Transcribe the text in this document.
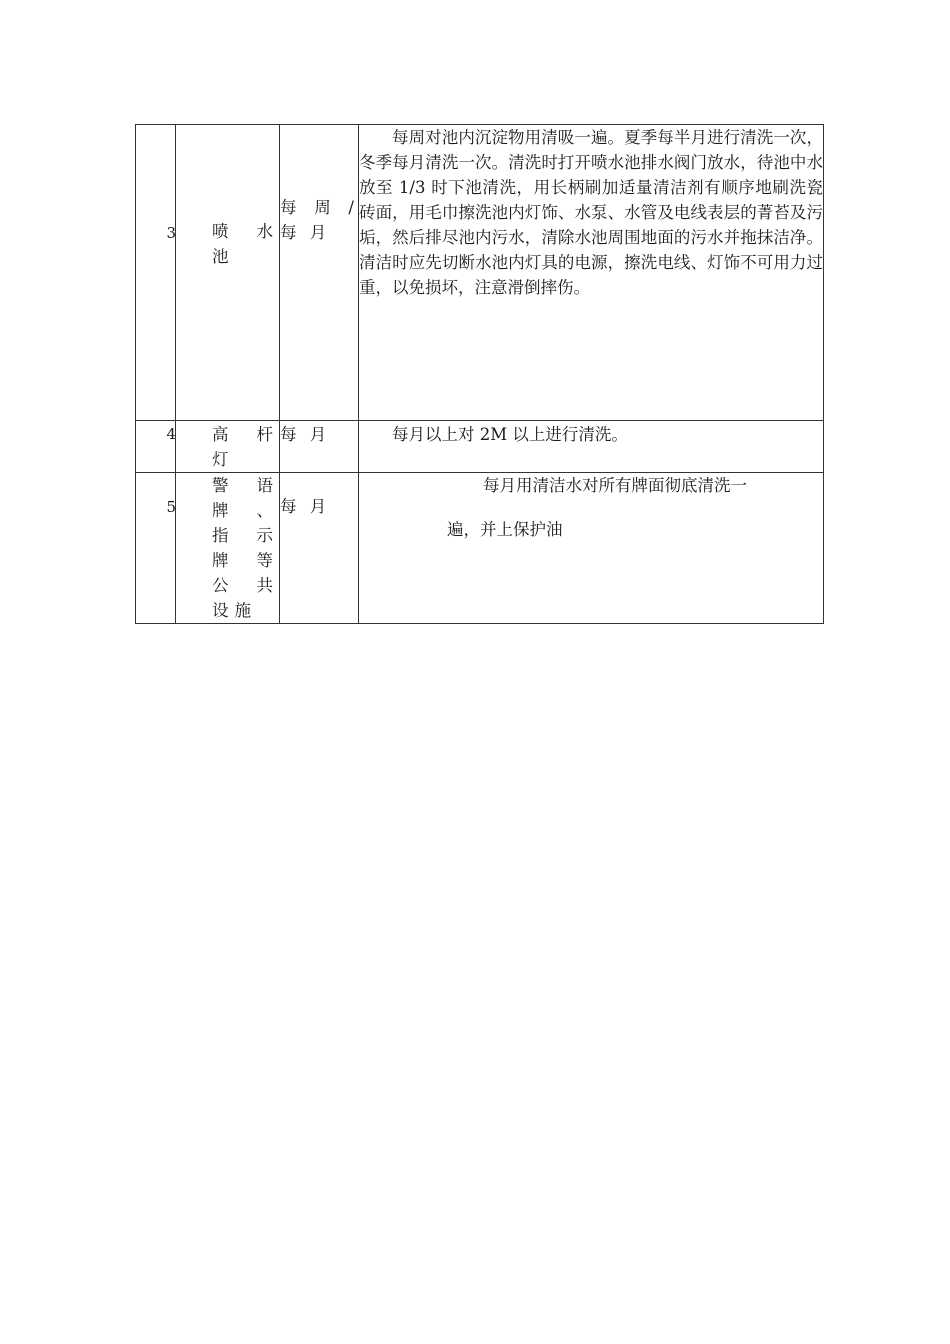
3	喷 水 池	每 周 / 每 月	每周对池内沉淀物用清吸一遍。夏季每半月进行清洗一次，冬季每月清洗一次。清洗时打开喷水池排水阀门放水，待池中水放至 1/3 时下池清洗，用长柄刷加适量清洁剂有顺序地刷洗瓷砖面，用毛巾擦洗池内灯饰、水泵、水管及电线表层的菁苔及污垢，然后排尽池内污水，清除水池周围地面的污水并拖抹洁净。清洁时应先切断水池内灯具的电源，擦洗电线、灯饰不可用力过重，以免损坏，注意滑倒摔伤。

4	高 杆 灯	每 月	每月以上对 2M 以上进行清洗。

5	警 语 牌、指 示 牌 等 公 共 设施	每 月	每月用清洁水对所有牌面彻底清洗一
遍，并上保护油
